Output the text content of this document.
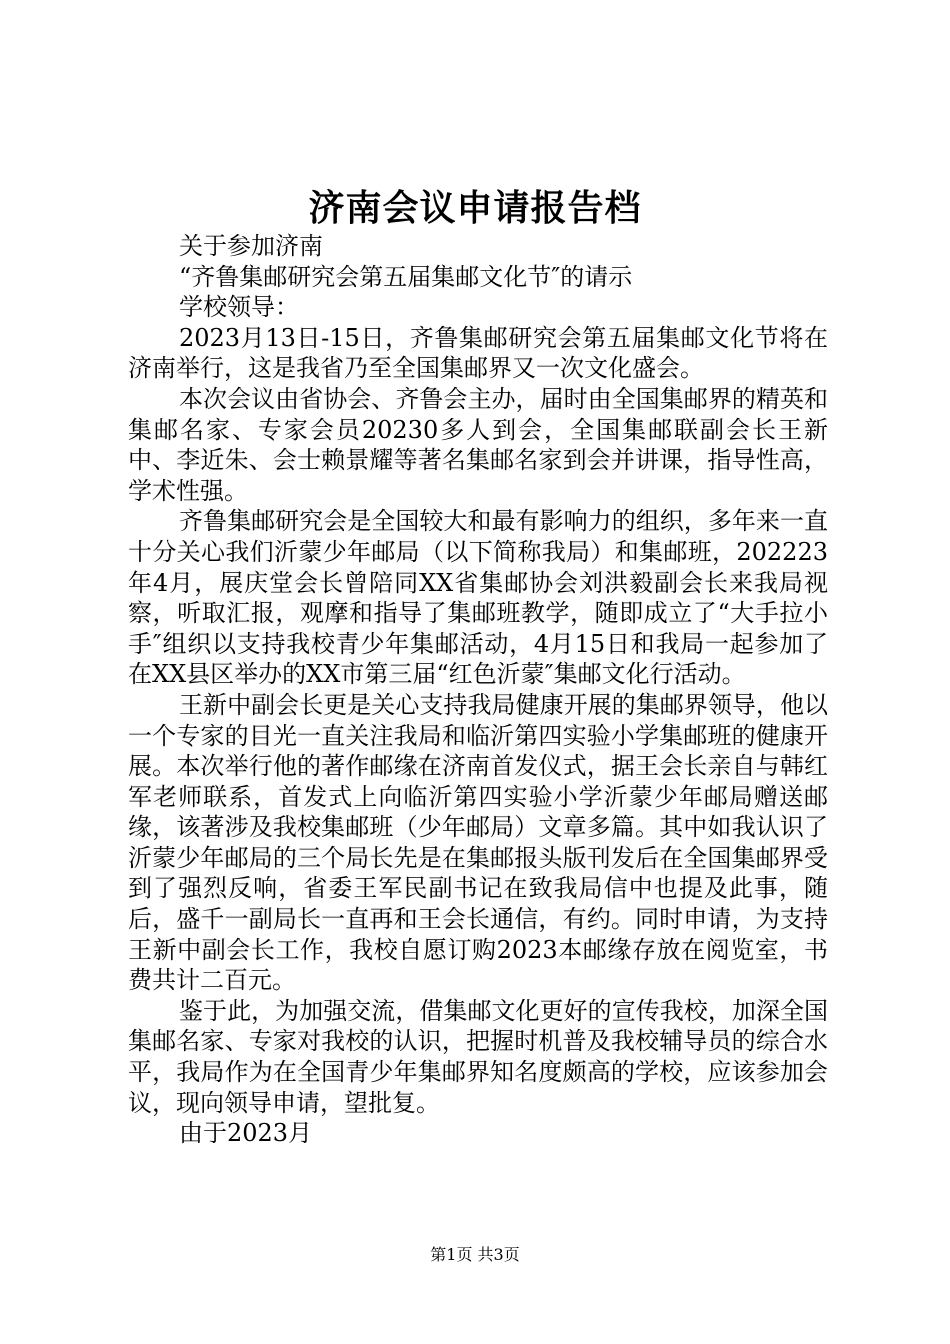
济南会议申请报告档

关于参加济南

“齐鲁集邮研究会第五届集邮文化节″的请示

学校领导：

2023月13日-15日，齐鲁集邮研究会第五届集邮文化节将在济南举行，这是我省乃至全国集邮界又一次文化盛会。

本次会议由省协会、齐鲁会主办，届时由全国集邮界的精英和集邮名家、专家会员20230多人到会，全国集邮联副会长王新中、李近朱、会士赖景耀等著名集邮名家到会并讲课，指导性高，学术性强。

齐鲁集邮研究会是全国较大和最有影响力的组织，多年来一直十分关心我们沂蒙少年邮局（以下简称我局）和集邮班，202223年4月，展庆堂会长曾陪同XX省集邮协会刘洪毅副会长来我局视察，听取汇报，观摩和指导了集邮班教学，随即成立了“大手拉小手″组织以支持我校青少年集邮活动，4月15日和我局一起参加了在XX县区举办的XX市第三届“红色沂蒙″集邮文化行活动。

王新中副会长更是关心支持我局健康开展的集邮界领导，他以一个专家的目光一直关注我局和临沂第四实验小学集邮班的健康开展。本次举行他的著作邮缘在济南首发仪式，据王会长亲自与韩红军老师联系，首发式上向临沂第四实验小学沂蒙少年邮局赠送邮缘，该著涉及我校集邮班（少年邮局）文章多篇。其中如我认识了沂蒙少年邮局的三个局长先是在集邮报头版刊发后在全国集邮界受到了强烈反响，省委王军民副书记在致我局信中也提及此事，随后，盛千一副局长一直再和王会长通信，有约。同时申请，为支持王新中副会长工作，我校自愿订购2023本邮缘存放在阅览室，书费共计二百元。

鉴于此，为加强交流，借集邮文化更好的宣传我校，加深全国集邮名家、专家对我校的认识，把握时机普及我校辅导员的综合水平，我局作为在全国青少年集邮界知名度颇高的学校，应该参加会议，现向领导申请，望批复。

由于2023月

第1页 共3页
